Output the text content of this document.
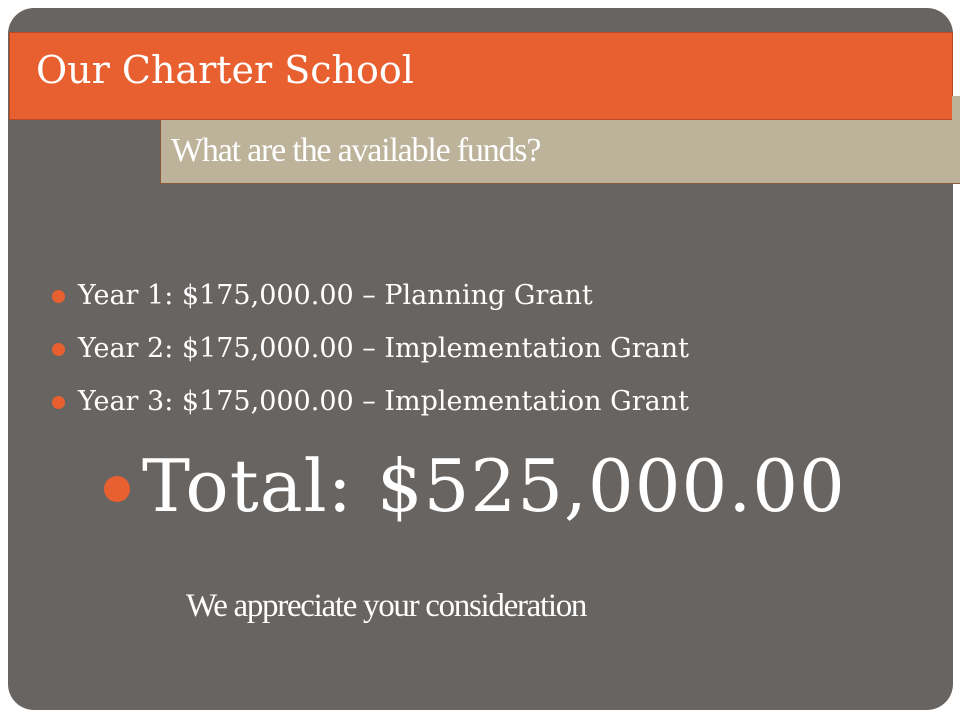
Our Charter School
What are the available funds?
Year 1: $175,000.00 – Planning Grant
Year 2: $175,000.00 – Implementation Grant
Year 3: $175,000.00 – Implementation Grant
Total: $525,000.00
We appreciate your consideration
